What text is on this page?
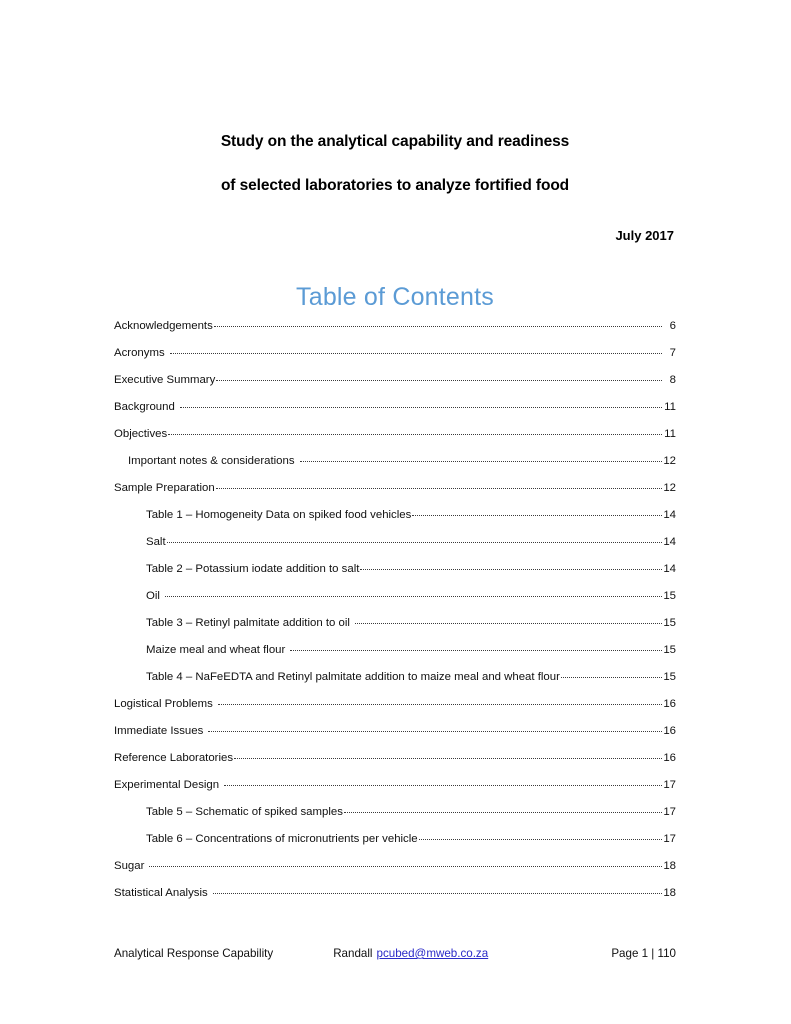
Study on the analytical capability and readiness
of selected laboratories to analyze fortified food
July 2017
Table of Contents
Acknowledgements	6
Acronyms	7
Executive Summary	8
Background	11
Objectives	11
Important notes & considerations	12
Sample Preparation	12
Table 1 – Homogeneity Data on spiked food vehicles	14
Salt	14
Table 2 – Potassium iodate addition to salt	14
Oil	15
Table 3 – Retinyl palmitate addition to oil	15
Maize meal and wheat flour	15
Table 4 – NaFeEDTA and Retinyl palmitate addition to maize meal and wheat flour	15
Logistical Problems	16
Immediate Issues	16
Reference Laboratories	16
Experimental Design	17
Table 5 – Schematic of spiked samples	17
Table 6 – Concentrations of micronutrients per vehicle	17
Sugar	18
Statistical Analysis	18
Analytical Response Capability	Randall pcubed@mweb.co.za	Page 1 | 110
